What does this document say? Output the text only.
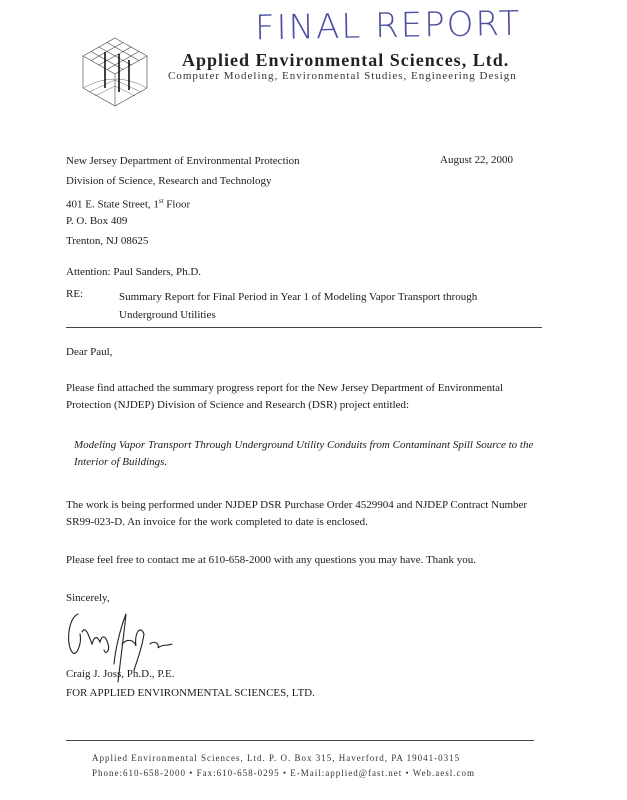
FINAL REPORT
Applied Environmental Sciences, Ltd.
Computer Modeling, Environmental Studies, Engineering Design
New Jersey Department of Environmental Protection
Division of Science, Research and Technology
401 E. State Street, 1st Floor
P. O. Box 409
Trenton, NJ 08625
August 22, 2000
Attention: Paul Sanders, Ph.D.
RE:	Summary Report for Final Period in Year 1 of Modeling Vapor Transport through Underground Utilities
Dear Paul,
Please find attached the summary progress report for the New Jersey Department of Environmental Protection (NJDEP) Division of Science and Research (DSR) project entitled:
Modeling Vapor Transport Through Underground Utility Conduits from Contaminant Spill Source to the Interior of Buildings.
The work is being performed under NJDEP DSR Purchase Order 4529904 and NJDEP Contract Number SR99-023-D. An invoice for the work completed to date is enclosed.
Please feel free to contact me at 610-658-2000 with any questions you may have. Thank you.
Sincerely,
Craig J. Joss, Ph.D., P.E.
FOR APPLIED ENVIRONMENTAL SCIENCES, LTD.
Applied Environmental Sciences, Ltd. P. O. Box 315, Haverford, PA 19041-0315
Phone:610-658-2000 • Fax:610-658-0295 • E-Mail:applied@fast.net • Web.aesl.com
